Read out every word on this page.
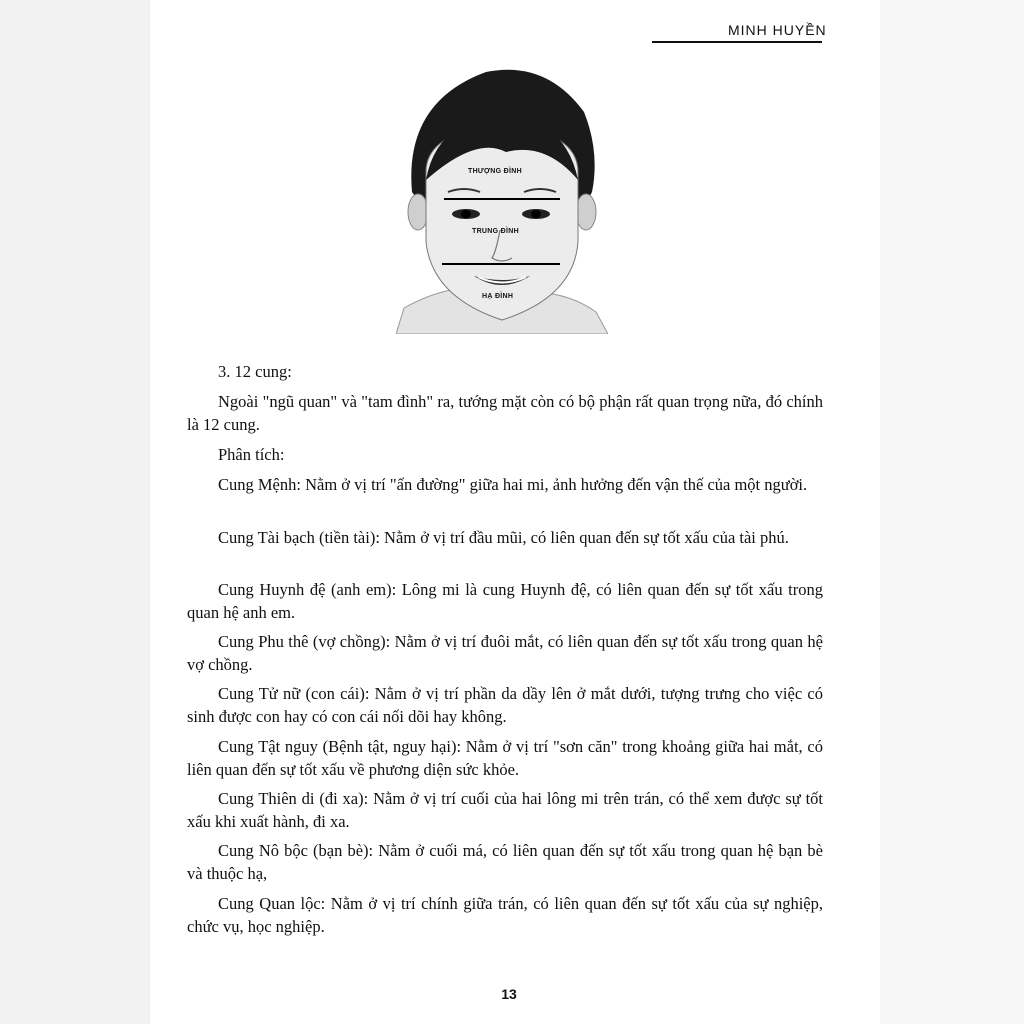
MINH HUYỀN
THƯỢNG ĐÌNH
TRUNG ĐÌNH
HẠ ĐÌNH

3. 12 cung:

Ngoài "ngũ quan" và "tam đình" ra, tướng mặt còn có bộ phận rất quan trọng nữa, đó chính là 12 cung.

Phân tích:

Cung Mệnh: Nằm ở vị trí "ấn đường" giữa hai mi, ảnh hưởng đến vận thế của một người.

Cung Tài bạch (tiền tài): Nằm ở vị trí đầu mũi, có liên quan đến sự tốt xấu của tài phú.

Cung Huynh đệ (anh em): Lông mi là cung Huynh đệ, có liên quan đến sự tốt xấu trong quan hệ anh em.

Cung Phu thê (vợ chồng): Nằm ở vị trí đuôi mắt, có liên quan đến sự tốt xấu trong quan hệ vợ chồng.

Cung Tử nữ (con cái): Nằm ở vị trí phần da dầy lên ở mắt dưới, tượng trưng cho việc có sinh được con hay có con cái nối dõi hay không.

Cung Tật nguy (Bệnh tật, nguy hại): Nằm ở vị trí "sơn căn" trong khoảng giữa hai mắt, có liên quan đến sự tốt xấu về phương diện sức khỏe.

Cung Thiên di (đi xa): Nằm ở vị trí cuối của hai lông mi trên trán, có thể xem được sự tốt xấu khi xuất hành, đi xa.

Cung Nô bộc (bạn bè): Nằm ở cuối má, có liên quan đến sự tốt xấu trong quan hệ bạn bè và thuộc hạ,

Cung Quan lộc: Nằm ở vị trí chính giữa trán, có liên quan đến sự tốt xấu của sự nghiệp, chức vụ, học nghiệp.

13
